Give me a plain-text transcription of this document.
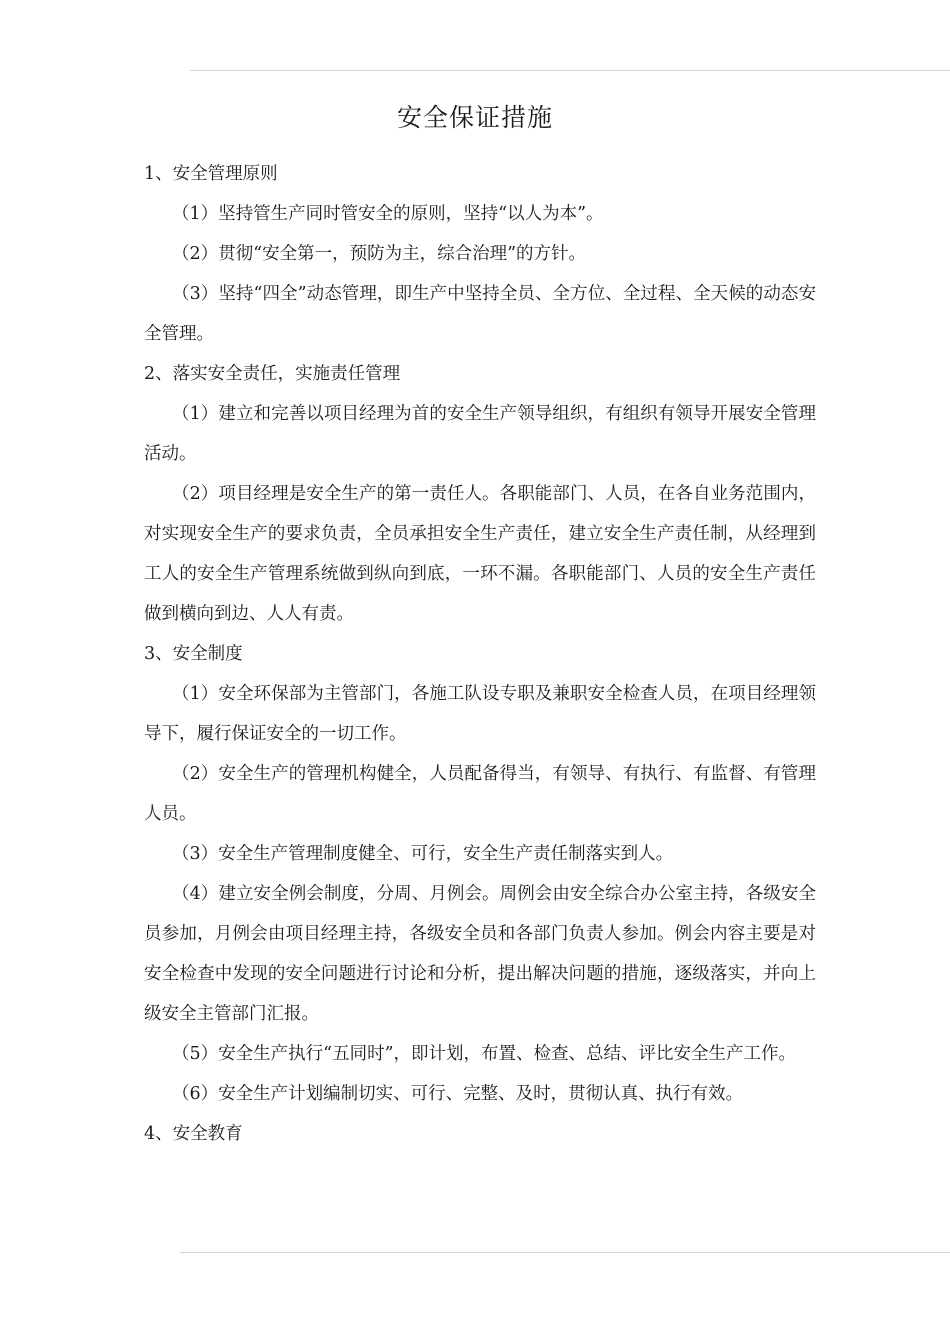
安全保证措施

1、安全管理原则

（1）坚持管生产同时管安全的原则，坚持“以人为本”。

（2）贯彻“安全第一，预防为主，综合治理”的方针。

（3）坚持“四全”动态管理，即生产中坚持全员、全方位、全过程、全天候的动态安全管理。

2、落实安全责任，实施责任管理

（1）建立和完善以项目经理为首的安全生产领导组织，有组织有领导开展安全管理活动。

（2）项目经理是安全生产的第一责任人。各职能部门、人员，在各自业务范围内，对实现安全生产的要求负责，全员承担安全生产责任，建立安全生产责任制，从经理到工人的安全生产管理系统做到纵向到底，一环不漏。各职能部门、人员的安全生产责任做到横向到边、人人有责。

3、安全制度

（1）安全环保部为主管部门，各施工队设专职及兼职安全检查人员，在项目经理领导下，履行保证安全的一切工作。

（2）安全生产的管理机构健全，人员配备得当，有领导、有执行、有监督、有管理人员。

（3）安全生产管理制度健全、可行，安全生产责任制落实到人。

（4）建立安全例会制度，分周、月例会。周例会由安全综合办公室主持，各级安全员参加，月例会由项目经理主持，各级安全员和各部门负责人参加。例会内容主要是对安全检查中发现的安全问题进行讨论和分析，提出解决问题的措施，逐级落实，并向上级安全主管部门汇报。

（5）安全生产执行“五同时”，即计划，布置、检查、总结、评比安全生产工作。

（6）安全生产计划编制切实、可行、完整、及时，贯彻认真、执行有效。

4、安全教育
